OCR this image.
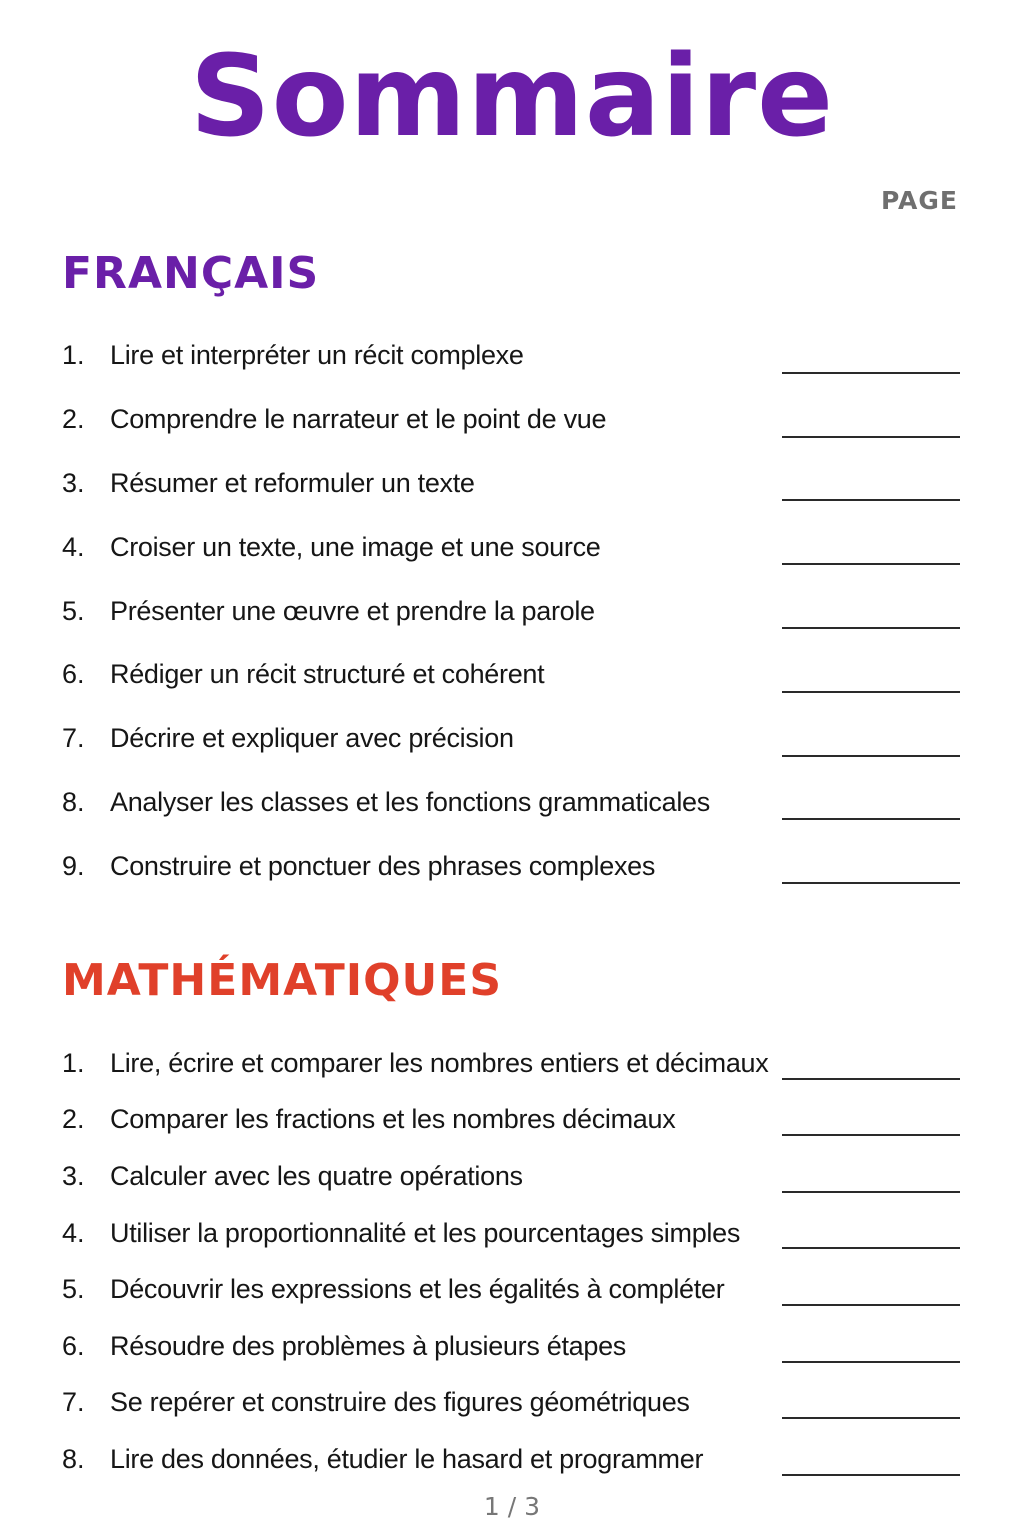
Sommaire
PAGE
FRANÇAIS
1. Lire et interpréter un récit complexe
2. Comprendre le narrateur et le point de vue
3. Résumer et reformuler un texte
4. Croiser un texte, une image et une source
5. Présenter une œuvre et prendre la parole
6. Rédiger un récit structuré et cohérent
7. Décrire et expliquer avec précision
8. Analyser les classes et les fonctions grammaticales
9. Construire et ponctuer des phrases complexes
MATHÉMATIQUES
1. Lire, écrire et comparer les nombres entiers et décimaux
2. Comparer les fractions et les nombres décimaux
3. Calculer avec les quatre opérations
4. Utiliser la proportionnalité et les pourcentages simples
5. Découvrir les expressions et les égalités à compléter
6. Résoudre des problèmes à plusieurs étapes
7. Se repérer et construire des figures géométriques
8. Lire des données, étudier le hasard et programmer
1 / 3
